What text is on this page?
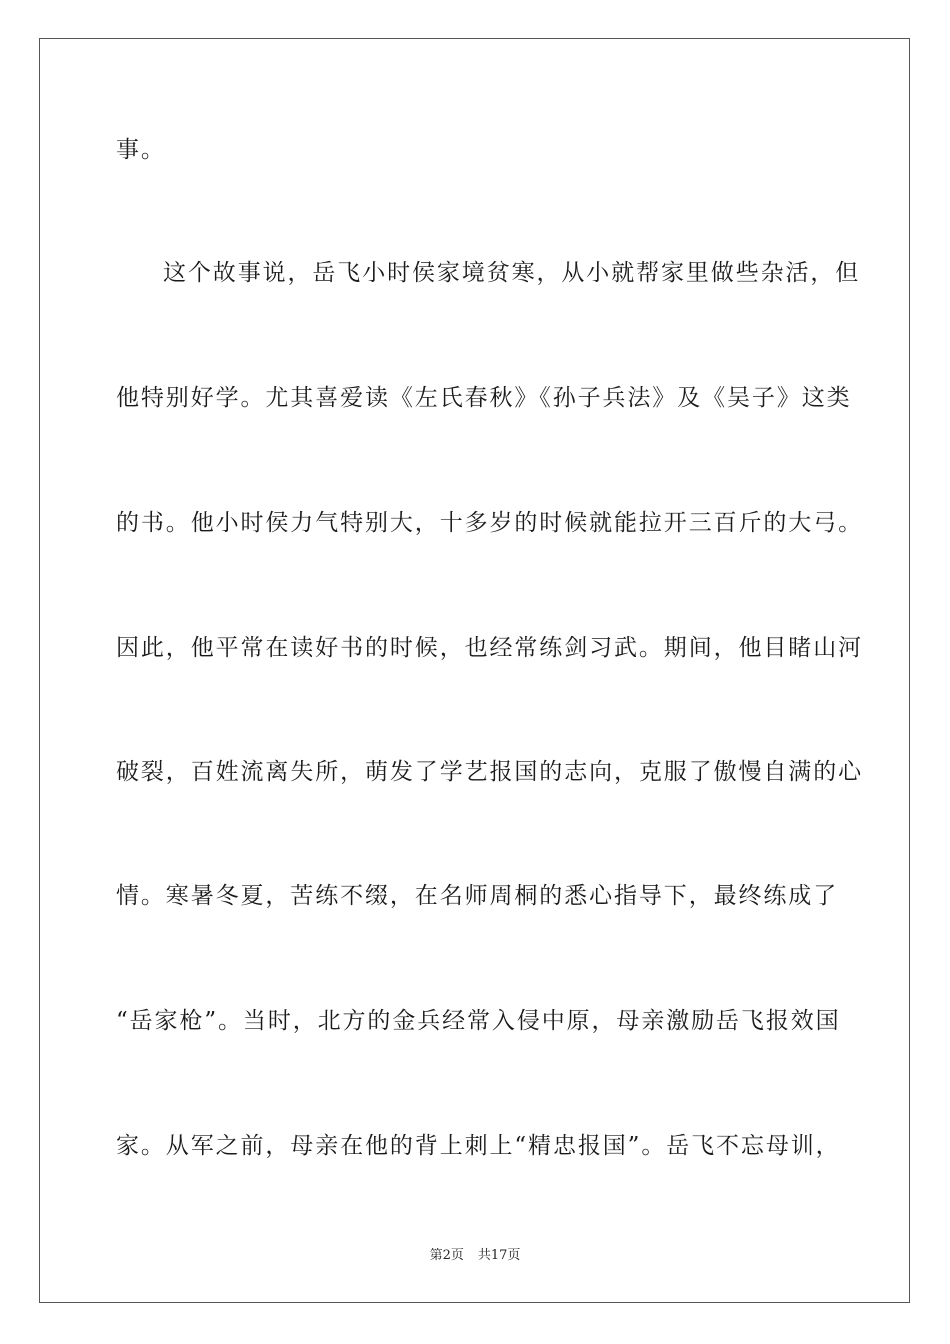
事。
这个故事说，岳飞小时侯家境贫寒，从小就帮家里做些杂活，但
他特别好学。尤其喜爱读《左氏春秋》《孙子兵法》及《吴子》这类
的书。他小时侯力气特别大，十多岁的时候就能拉开三百斤的大弓。
因此，他平常在读好书的时候，也经常练剑习武。期间，他目睹山河
破裂，百姓流离失所，萌发了学艺报国的志向，克服了傲慢自满的心
情。寒暑冬夏，苦练不缀，在名师周桐的悉心指导下，最终练成了
“岳家枪”。当时，北方的金兵经常入侵中原，母亲激励岳飞报效国
家。从军之前，母亲在他的背上刺上“精忠报国”。岳飞不忘母训，
第2页 共17页
